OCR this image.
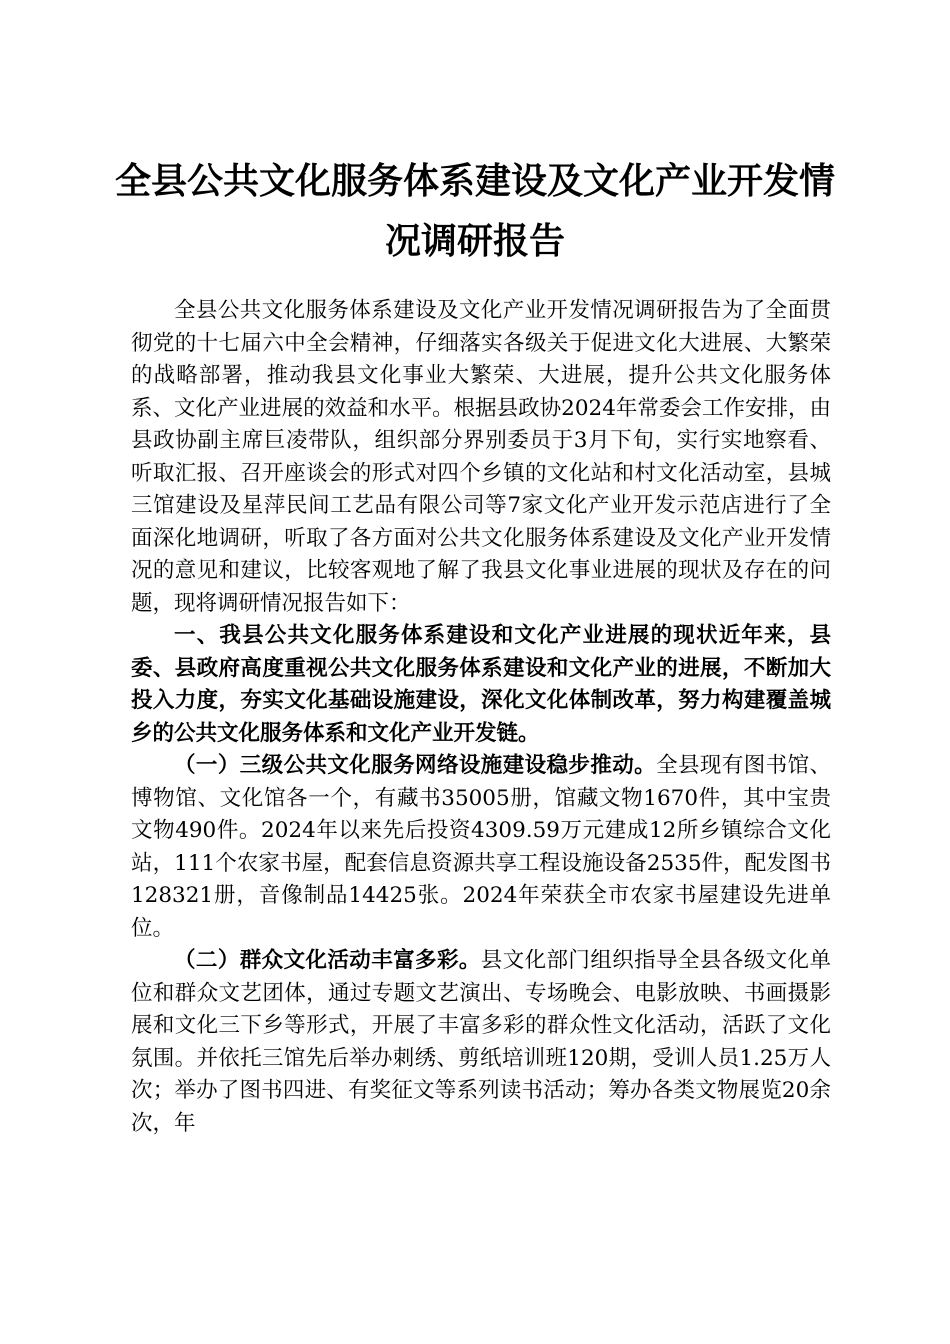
全县公共文化服务体系建设及文化产业开发情
况调研报告

全县公共文化服务体系建设及文化产业开发情况调研报告为了全面贯彻党的十七届六中全会精神，仔细落实各级关于促进文化大进展、大繁荣的战略部署，推动我县文化事业大繁荣、大进展，提升公共文化服务体系、文化产业进展的效益和水平。根据县政协2024年常委会工作安排，由县政协副主席巨凌带队，组织部分界别委员于3月下旬，实行实地察看、听取汇报、召开座谈会的形式对四个乡镇的文化站和村文化活动室，县城三馆建设及星萍民间工艺品有限公司等7家文化产业开发示范店进行了全面深化地调研，听取了各方面对公共文化服务体系建设及文化产业开发情况的意见和建议，比较客观地了解了我县文化事业进展的现状及存在的问题，现将调研情况报告如下：

一、我县公共文化服务体系建设和文化产业进展的现状近年来，县委、县政府高度重视公共文化服务体系建设和文化产业的进展，不断加大投入力度，夯实文化基础设施建设，深化文化体制改革，努力构建覆盖城乡的公共文化服务体系和文化产业开发链。

（一）三级公共文化服务网络设施建设稳步推动。全县现有图书馆、博物馆、文化馆各一个，有藏书35005册，馆藏文物1670件，其中宝贵文物490件。2024年以来先后投资4309.59万元建成12所乡镇综合文化站，111个农家书屋，配套信息资源共享工程设施设备2535件，配发图书128321册，音像制品14425张。2024年荣获全市农家书屋建设先进单位。

（二）群众文化活动丰富多彩。县文化部门组织指导全县各级文化单位和群众文艺团体，通过专题文艺演出、专场晚会、电影放映、书画摄影展和文化三下乡等形式，开展了丰富多彩的群众性文化活动，活跃了文化氛围。并依托三馆先后举办刺绣、剪纸培训班120期，受训人员1.25万人次；举办了图书四进、有奖征文等系列读书活动；筹办各类文物展览20余次，年
